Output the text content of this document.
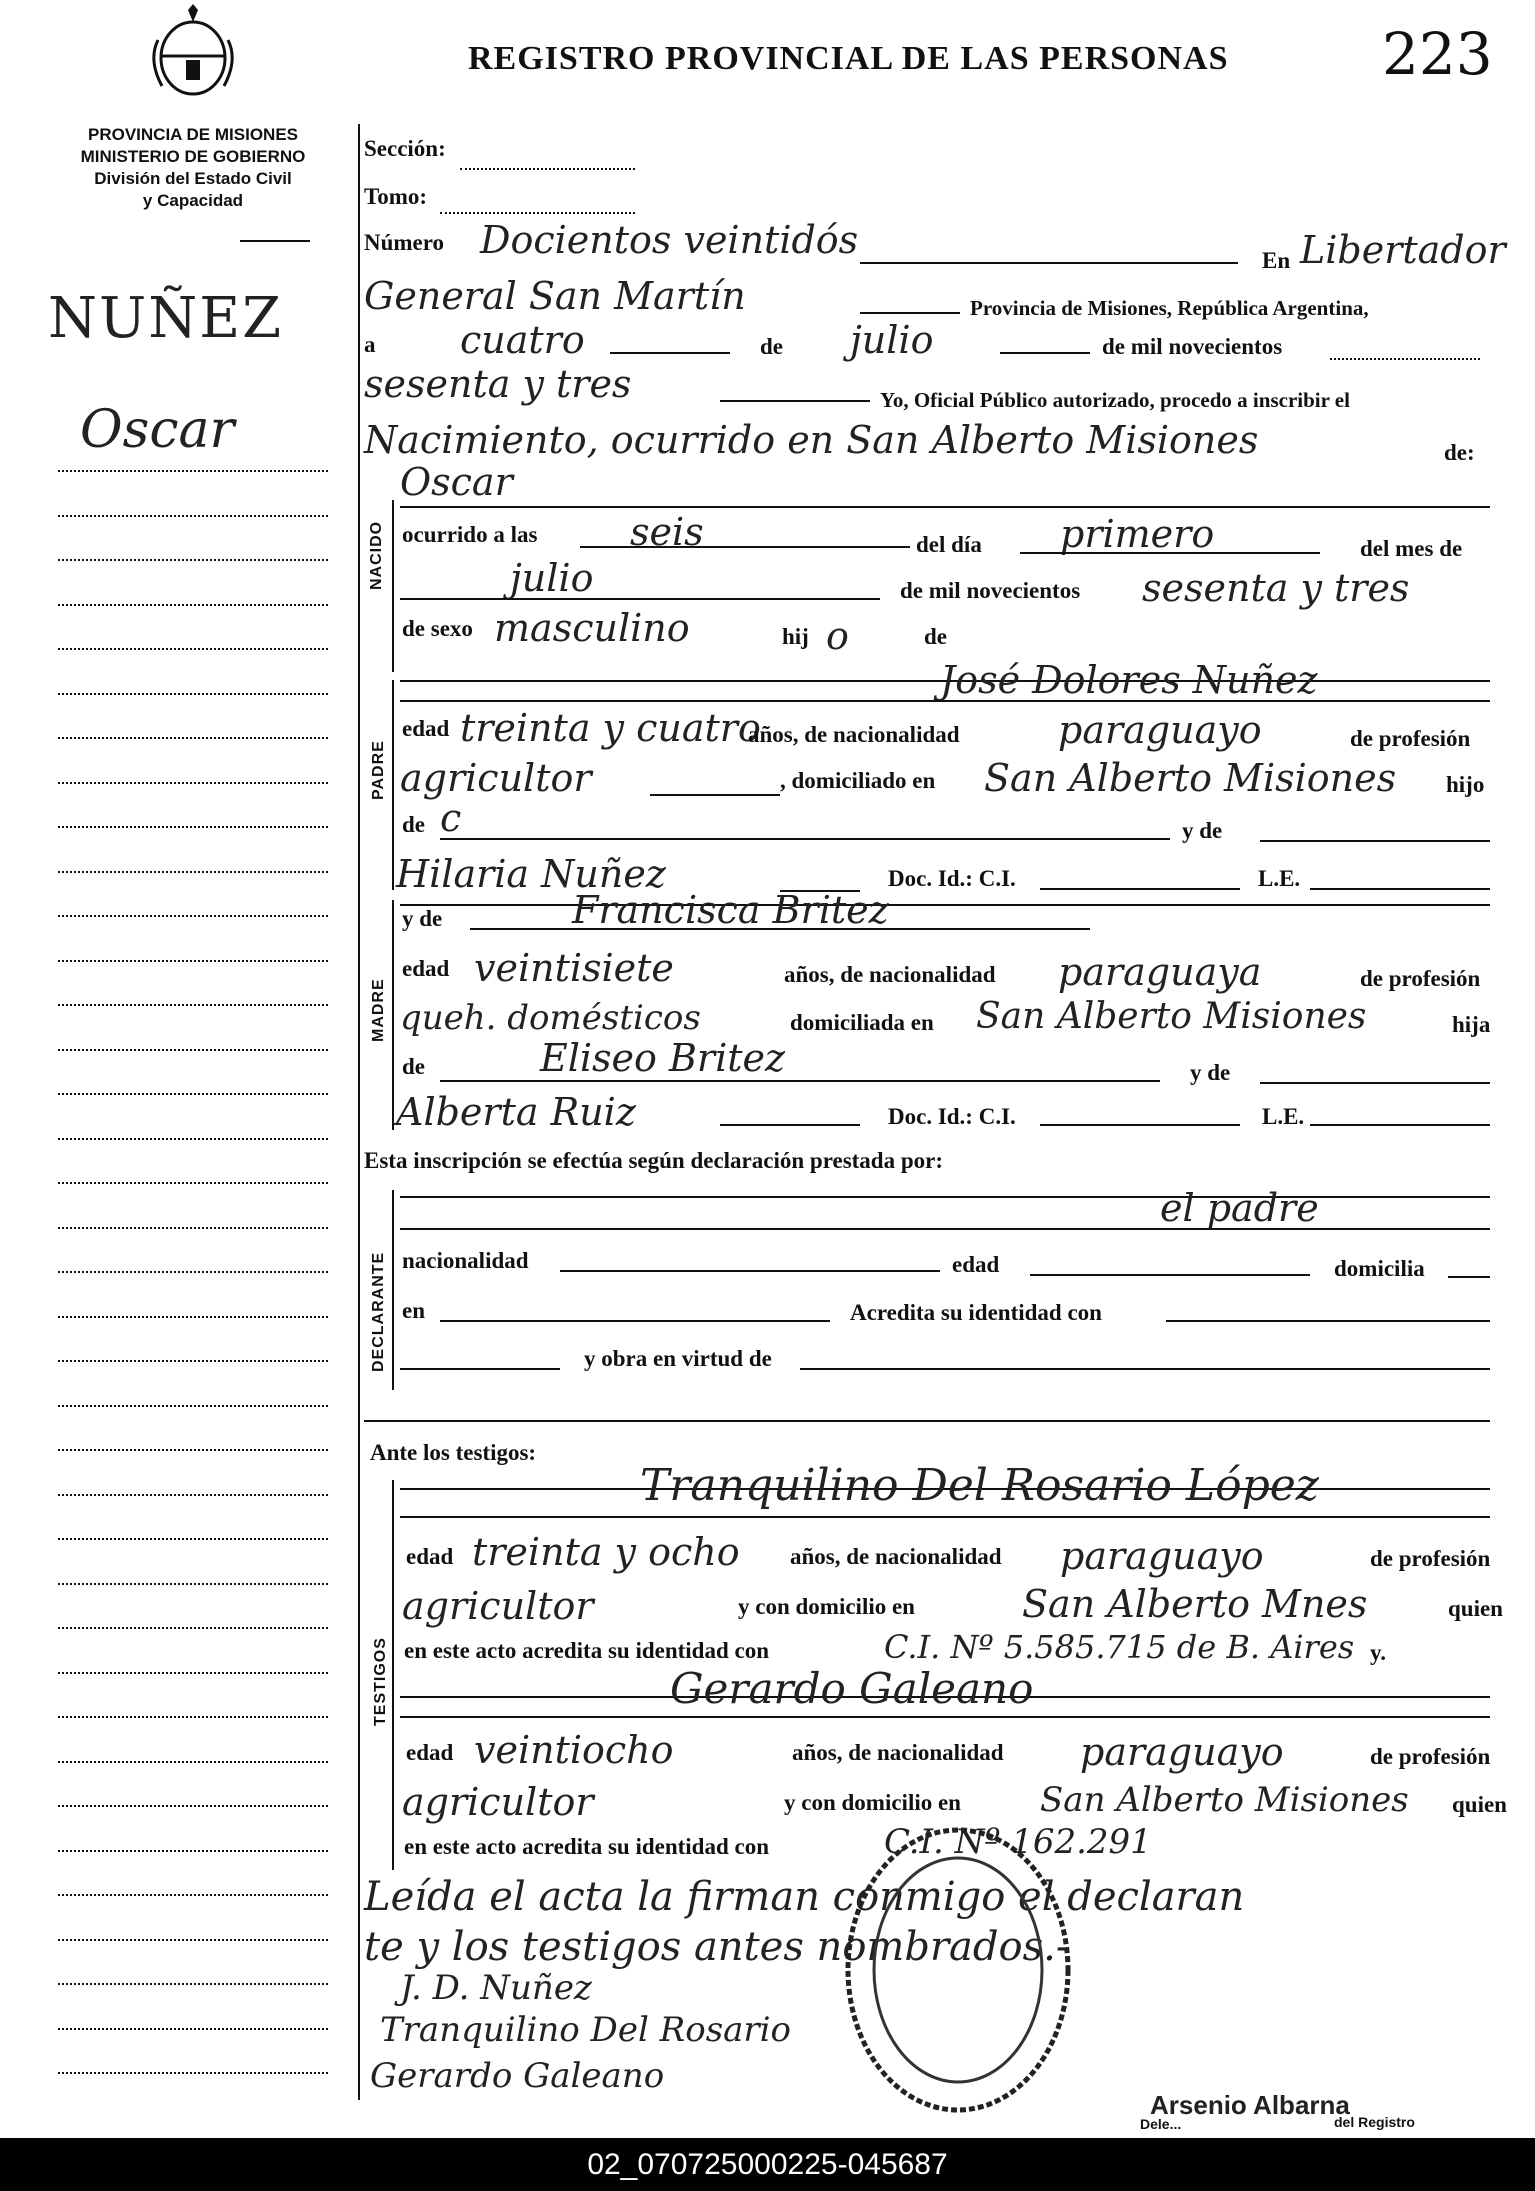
REGISTRO PROVINCIAL DE LAS PERSONAS	223
PROVINCIA DE MISIONES
MINISTERIO DE GOBIERNO
División del Estado Civil
y Capacidad
NUÑEZ
Oscar
Sección:
Tomo:
Número Docientos veintidós	En Libertador
General San Martín	Provincia de Misiones, República Argentina,
a cuatro	de julio	de mil novecientos
sesenta y tres	Yo, Oficial Público autorizado, procedo a inscribir el
Nacimiento, ocurrido en San Alberto Misiones	de:
NACIDO
Oscar
ocurrido a las seis	del día primero	del mes de
julio	de mil novecientos sesenta y tres
de sexo masculino	hij o	de
PADRE
José Dolores Nuñez
edad treinta y cuatro
años, de nacionalidad	paraguayo	de profesión
agricultor	, domiciliado en San Alberto Misiones hijo
de c	y de
Hilaria Nuñez	Doc. Id.: C.I.	L.E.
MADRE
y de	Francisca Britez
edad veintisiete	años, de nacionalidad paraguaya	de profesión
queh. domésticos	domiciliada en San Alberto Misiones	hija
de	Eliseo Britez	y de
Alberta Ruiz	Doc. Id.: C.I.	L.E.
Esta inscripción se efectúa según declaración prestada por:
DECLARANTE
el padre
nacionalidad	edad	domicilia
en	Acredita su identidad con
y obra en virtud de
Ante los testigos:
TESTIGOS
Tranquilino Del Rosario López
edad treinta y ocho años, de nacionalidad paraguayo	de profesión
agricultor	y con domicilio en	San Alberto Mnes	quien
en este acto acredita su identidad con	C.I. Nº 5.585.715 de B. Aires y.
Gerardo Galeano
edad veintiocho	años, de nacionalidad paraguayo	de profesión
agricultor	y con domicilio en San Alberto Misiones quien
en este acto acredita su identidad con	C.I. Nº 162.291
Leída el acta la firman conmigo el declaran
te y los testigos antes nombrados.-
J. D. Nuñez
Tranquilino Del Rosario
Gerardo Galeano
Arsenio Albarna
Dele...	del Registro
02_070725000225-045687
